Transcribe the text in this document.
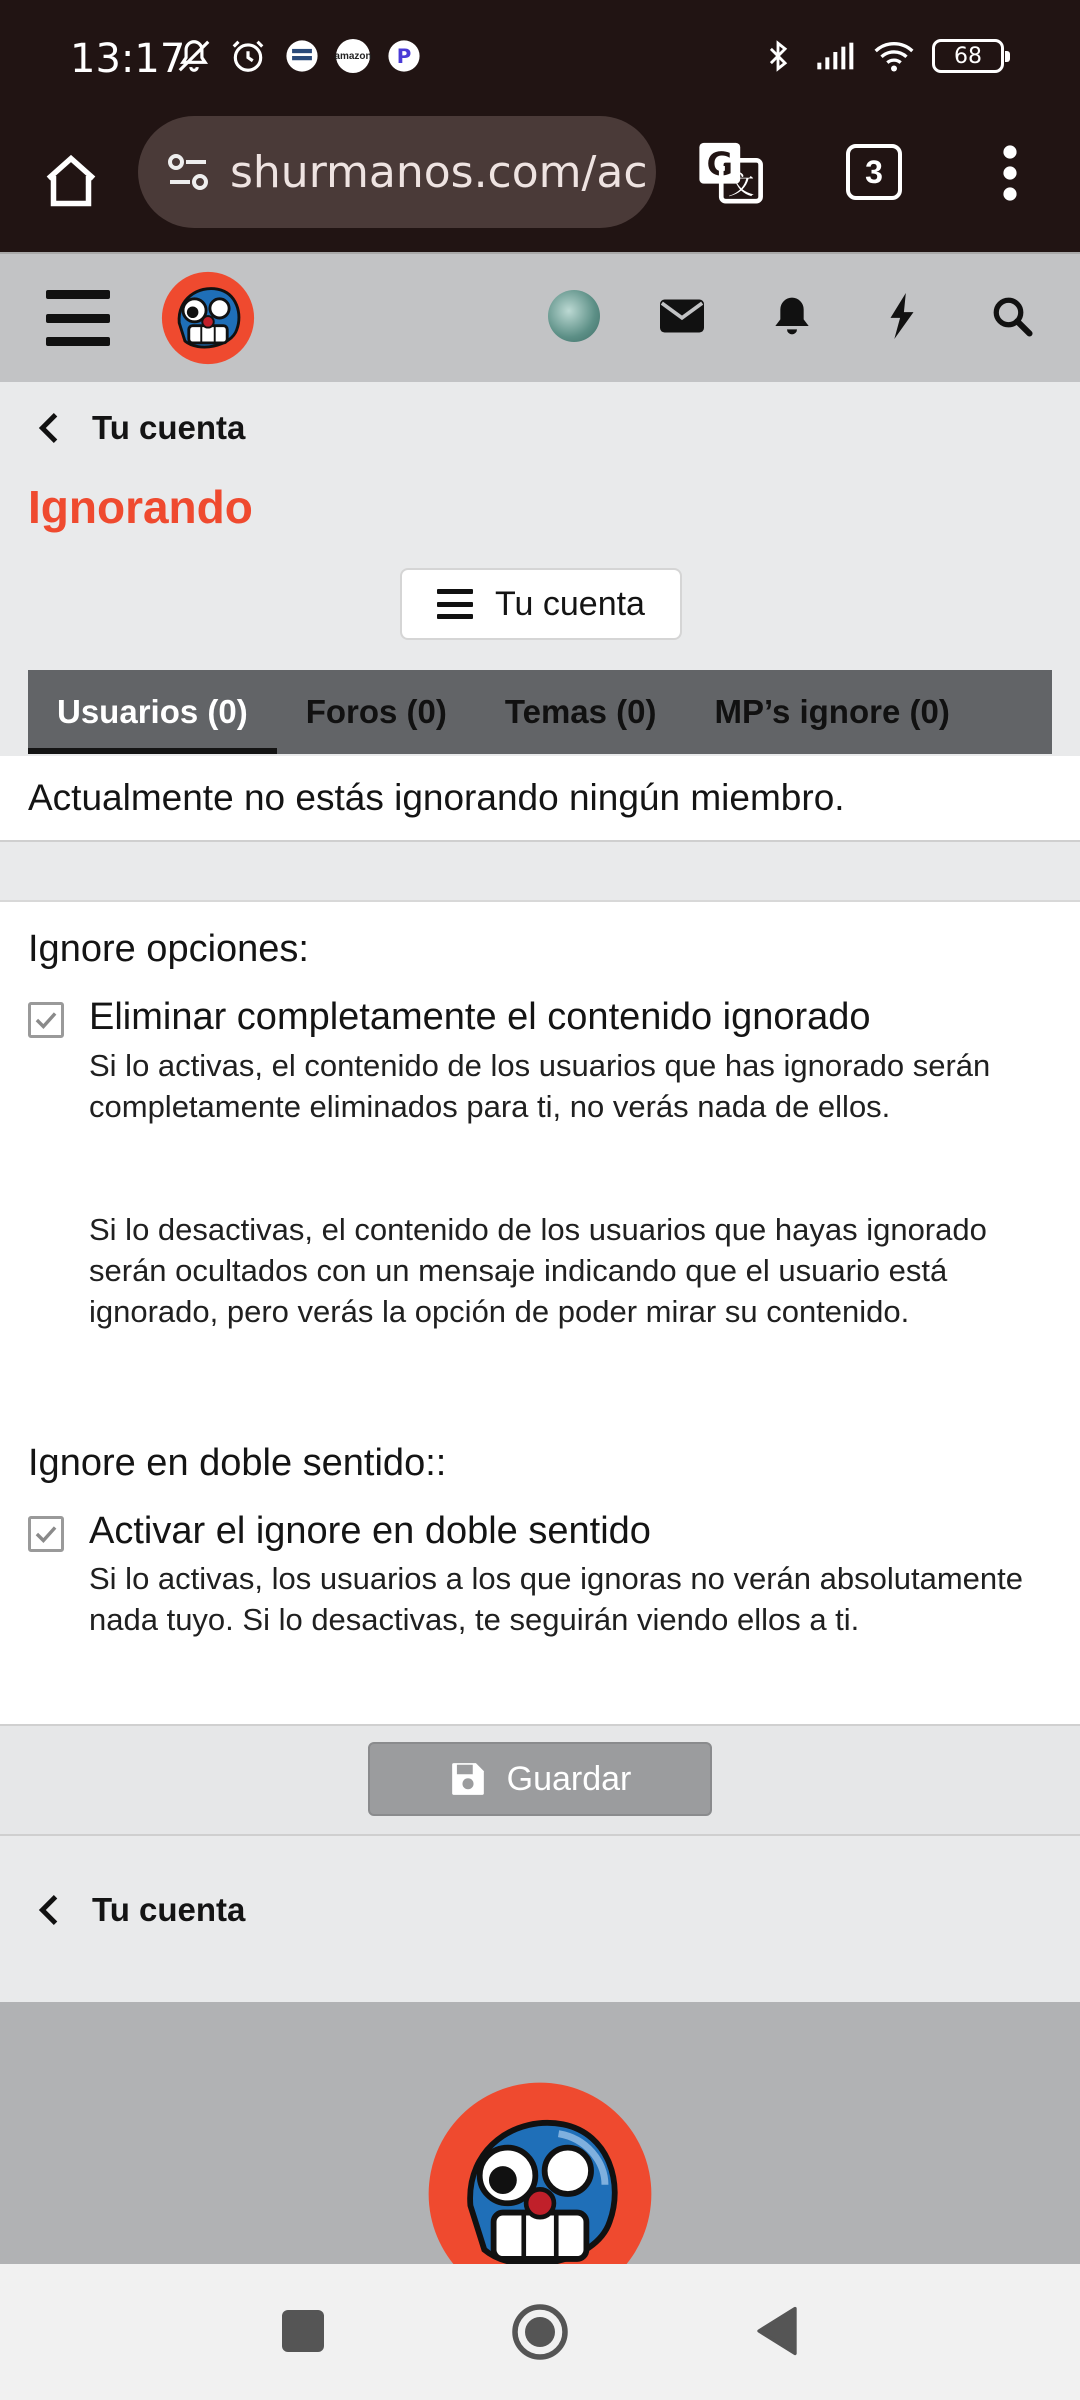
13:17	amazon P	68
shurmanos.com/ac	G
文	3
Tu cuenta
Ignorando
Tu cuenta
Usuarios (0)	Foros (0)	Temas (0)	MP’s ignore (0)
Actualmente no estás ignorando ningún miembro.
Ignore opciones:
Eliminar completamente el contenido ignorado
Si lo activas, el contenido de los usuarios que has ignorado serán completamente eliminados para ti, no verás nada de ellos.
Si lo desactivas, el contenido de los usuarios que hayas ignorado serán ocultados con un mensaje indicando que el usuario está ignorado, pero verás la opción de poder mirar su contenido.
Ignore en doble sentido::
Activar el ignore en doble sentido
Si lo activas, los usuarios a los que ignoras no verán absolutamente nada tuyo. Si lo desactivas, te seguirán viendo ellos a ti.
Guardar
Tu cuenta
